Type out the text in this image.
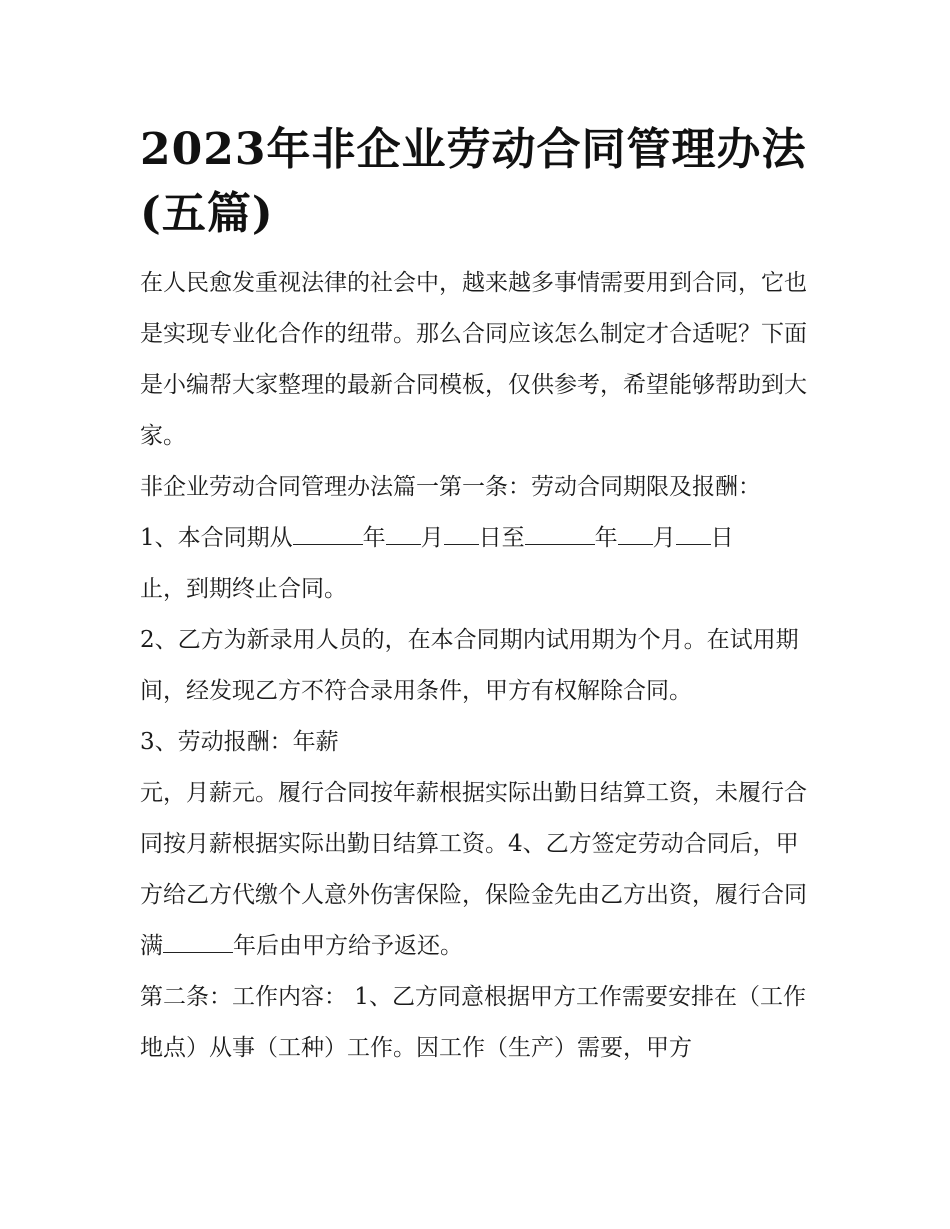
2023年非企业劳动合同管理办法(五篇)

在人民愈发重视法律的社会中，越来越多事情需要用到合同，它也是实现专业化合作的纽带。那么合同应该怎么制定才合适呢？下面是小编帮大家整理的最新合同模板，仅供参考，希望能够帮助到大家。

非企业劳动合同管理办法篇一第一条：劳动合同期限及报酬：

1、本合同期从	年 月 日至	年 月 日

止，到期终止合同。

2、乙方为新录用人员的，在本合同期内试用期为个月。在试用期间，经发现乙方不符合录用条件，甲方有权解除合同。

3、劳动报酬：年薪

元，月薪元。履行合同按年薪根据实际出勤日结算工资，未履行合同按月薪根据实际出勤日结算工资。4、乙方签定劳动合同后，甲方给乙方代缴个人意外伤害保险，保险金先由乙方出资，履行合同满	年后由甲方给予返还。

第二条：工作内容： 1、乙方同意根据甲方工作需要安排在（工作地点）从事（工种）工作。因工作（生产）需要，甲方
